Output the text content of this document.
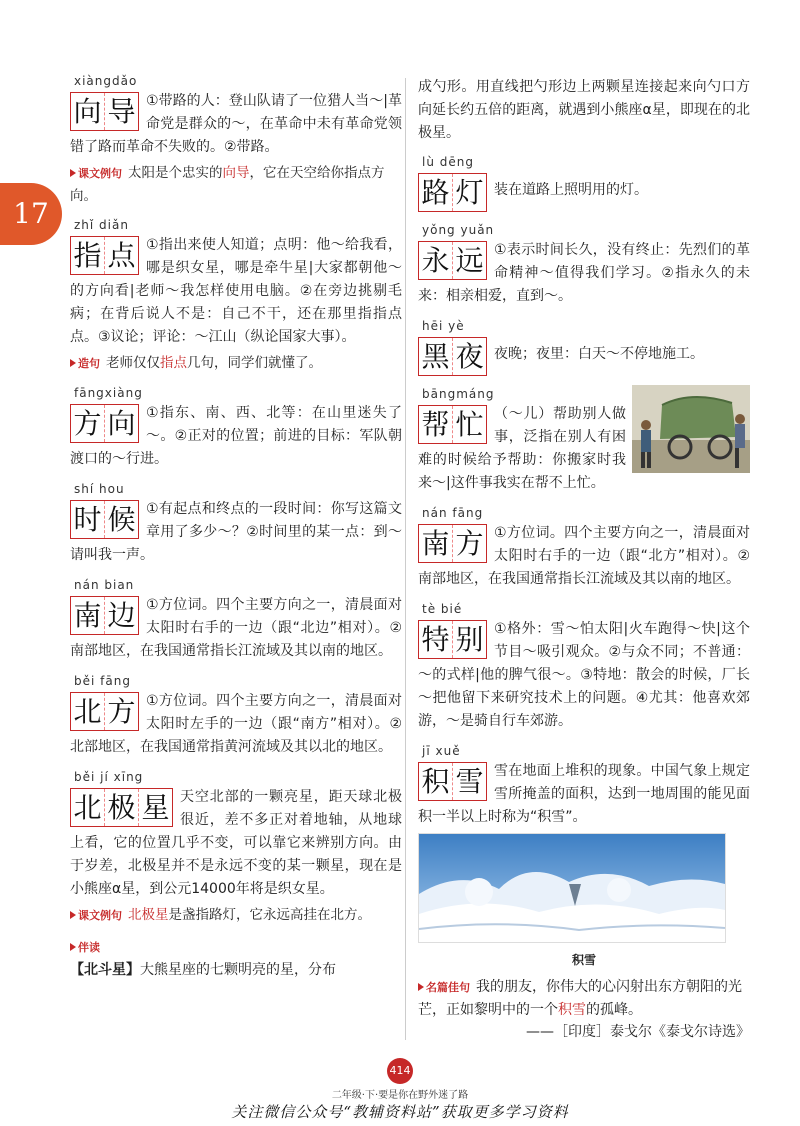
17
xiàngdǎo
向 导 ①带路的人：登山队请了一位猎人当～|革命党是群众的～，在革命中未有革命党领错了路而革命不失败的。②带路。
课文例句 太阳是个忠实的向导，它在天空给你指点方向。
zhǐ diǎn
指 点 ①指出来使人知道；点明：他～给我看，哪是织女星，哪是牵牛星|大家都朝他～的方向看|老师～我怎样使用电脑。②在旁边挑剔毛病；在背后说人不是：自己不干，还在那里指指点点。③议论；评论：～江山（纵论国家大事）。
造句 老师仅仅指点几句，同学们就懂了。
fāngxiàng
方 向 ①指东、南、西、北等：在山里迷失了～。②正对的位置；前进的目标：军队朝渡口的～行进。
shí hou
时 候 ①有起点和终点的一段时间：你写这篇文章用了多少～？②时间里的某一点：到～请叫我一声。
nán bian
南 边 ①方位词。四个主要方向之一，清晨面对太阳时右手的一边（跟“北边”相对）。②南部地区，在我国通常指长江流域及其以南的地区。
běi fāng
北 方 ①方位词。四个主要方向之一，清晨面对太阳时左手的一边（跟“南方”相对）。②北部地区，在我国通常指黄河流域及其以北的地区。
běi jí xīng
北 极 星 天空北部的一颗亮星，距天球北极很近，差不多正对着地轴，从地球上看，它的位置几乎不变，可以靠它来辨别方向。由于岁差，北极星并不是永远不变的某一颗星，现在是小熊座α星，到公元14000年将是织女星。
课文例句 北极星是盏指路灯，它永远高挂在北方。
伴读
【北斗星】大熊星座的七颗明亮的星，分布
成勺形。用直线把勺形边上两颗星连接起来向勺口方向延长约五倍的距离，就遇到小熊座α星，即现在的北极星。
lù dēng
路 灯 装在道路上照明用的灯。
yǒng yuǎn
永 远 ①表示时间长久，没有终止：先烈们的革命精神～值得我们学习。②指永久的未来：相亲相爱，直到～。
hēi yè
黑 夜 夜晚；夜里：白天～不停地施工。
bāngmáng
帮 忙 （～儿）帮助别人做事，泛指在别人有困难的时候给予帮助：你搬家时我来～|这件事我实在帮不上忙。
nán fāng
南 方 ①方位词。四个主要方向之一，清晨面对太阳时右手的一边（跟“北方”相对）。②南部地区，在我国通常指长江流域及其以南的地区。
tè bié
特 别 ①格外：雪～怕太阳|火车跑得～快|这个节目～吸引观众。②与众不同；不普通：～的式样|他的脾气很～。③特地：散会的时候，厂长～把他留下来研究技术上的问题。④尤其：他喜欢郊游，～是骑自行车郊游。
jī xuě
积 雪 雪在地面上堆积的现象。中国气象上规定雪所掩盖的面积，达到一地周围的能见面积一半以上时称为“积雪”。
积雪
名篇佳句 我的朋友，你伟大的心闪射出东方朝阳的光芒，正如黎明中的一个积雪的孤峰。
——［印度］泰戈尔《泰戈尔诗选》
414
二年级·下·要是你在野外迷了路
关注微信公众号“教辅资料站”获取更多学习资料
